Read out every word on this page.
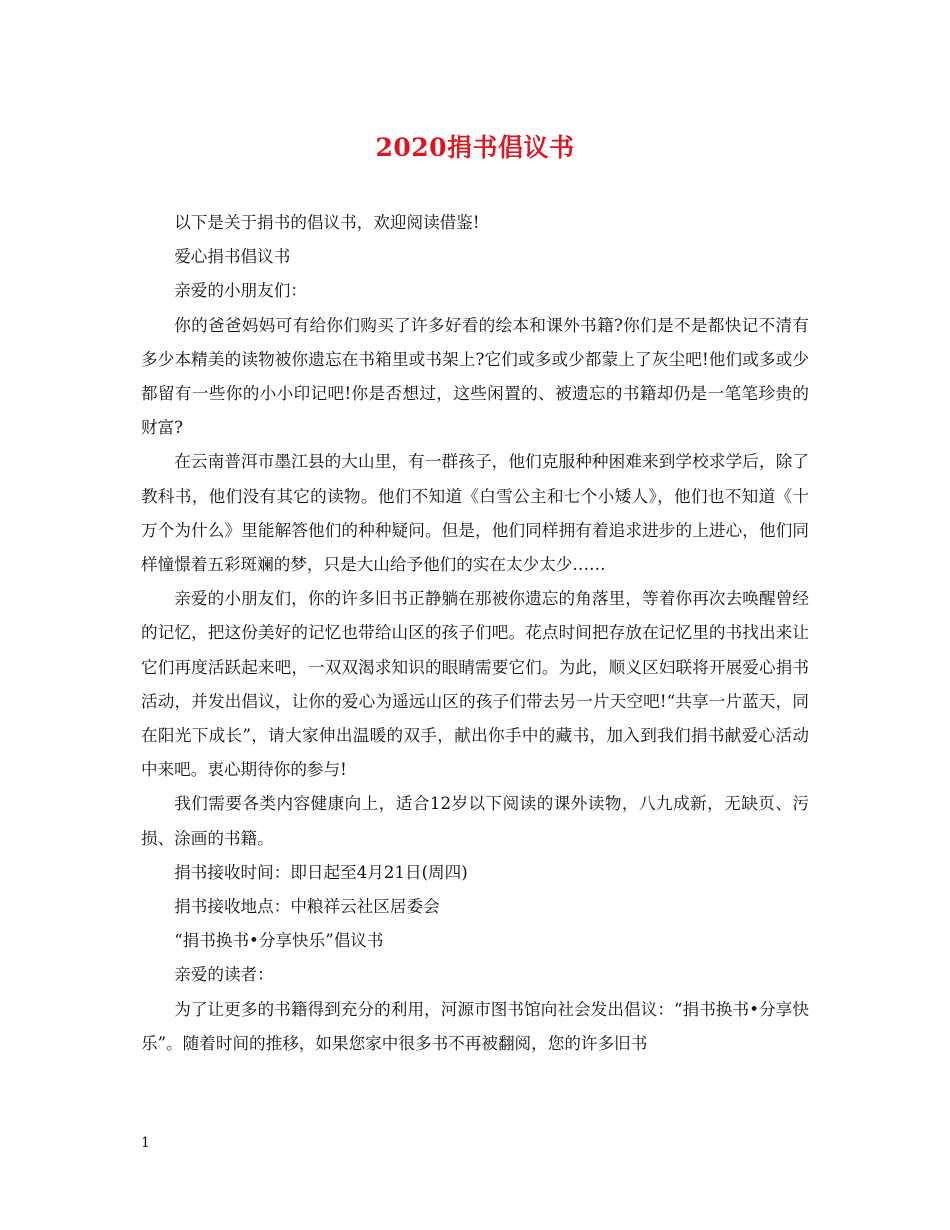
2020捐书倡议书

以下是关于捐书的倡议书，欢迎阅读借鉴!

爱心捐书倡议书

亲爱的小朋友们：

你的爸爸妈妈可有给你们购买了许多好看的绘本和课外书籍?你们是不是都快记不清有多少本精美的读物被你遗忘在书箱里或书架上?它们或多或少都蒙上了灰尘吧!他们或多或少都留有一些你的小小印记吧!你是否想过，这些闲置的、被遗忘的书籍却仍是一笔笔珍贵的财富?

在云南普洱市墨江县的大山里，有一群孩子，他们克服种种困难来到学校求学后，除了教科书，他们没有其它的读物。他们不知道《白雪公主和七个小矮人》，他们也不知道《十万个为什么》里能解答他们的种种疑问。但是，他们同样拥有着追求进步的上进心，他们同样憧憬着五彩斑斓的梦，只是大山给予他们的实在太少太少……

亲爱的小朋友们，你的许多旧书正静躺在那被你遗忘的角落里，等着你再次去唤醒曾经的记忆，把这份美好的记忆也带给山区的孩子们吧。花点时间把存放在记忆里的书找出来让它们再度活跃起来吧，一双双渴求知识的眼睛需要它们。为此，顺义区妇联将开展爱心捐书活动，并发出倡议，让你的爱心为遥远山区的孩子们带去另一片天空吧!“共享一片蓝天，同在阳光下成长”，请大家伸出温暖的双手，献出你手中的藏书，加入到我们捐书献爱心活动中来吧。衷心期待你的参与!

我们需要各类内容健康向上，适合12岁以下阅读的课外读物，八九成新，无缺页、污损、涂画的书籍。

捐书接收时间：即日起至4月21日(周四)

捐书接收地点：中粮祥云社区居委会

“捐书换书•分享快乐”倡议书

亲爱的读者：

为了让更多的书籍得到充分的利用，河源市图书馆向社会发出倡议：“捐书换书•分享快乐”。随着时间的推移，如果您家中很多书不再被翻阅，您的许多旧书

1
